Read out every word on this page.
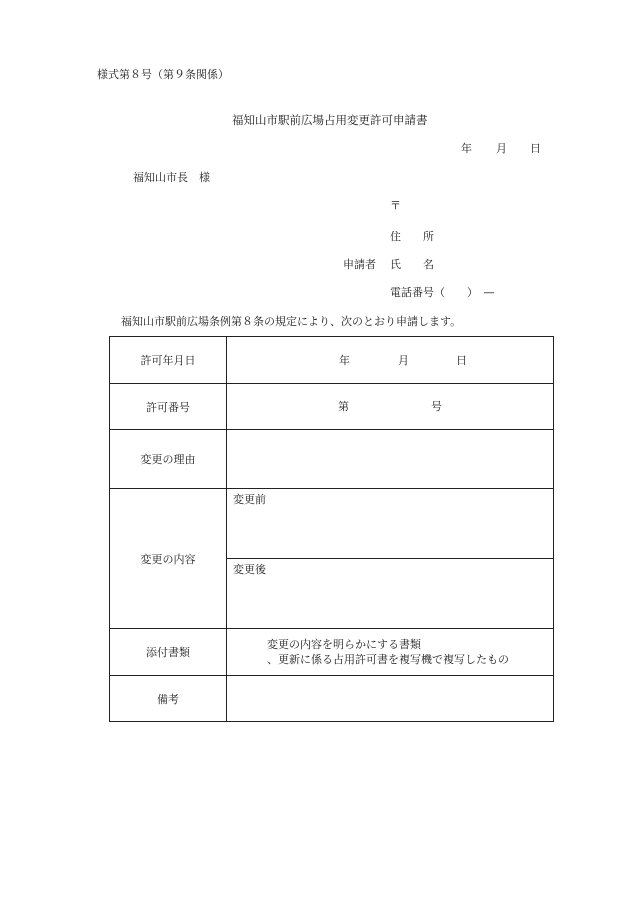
様式第８号（第９条関係）
福知山市駅前広場占用変更許可申請書
年 月 日
福知山市長　様
〒
住　　所
申請者 氏　　名
電話番号（　　）　—
福知山市駅前広場条例第８条の規定により、次のとおり申請します。
許可年月日	年 月 日

許可番号	第 号

変更の理由	
変更の内容	変更前
変更後

添付書類	変更の内容を明らかにする書類
、更新に係る占用許可書を複写機で複写したもの

備考	
